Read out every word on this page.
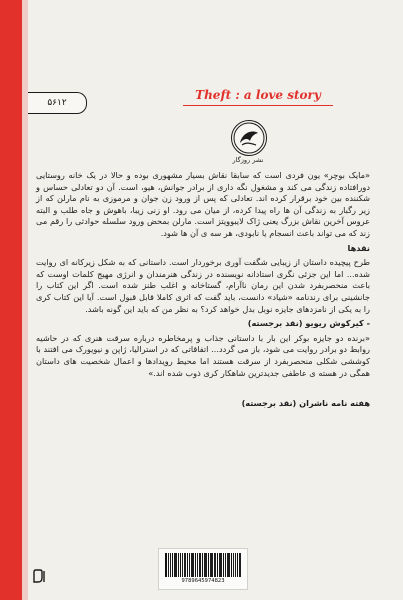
۵۶۱۲
Theft : a love story
نشر روزگار

«مایک‌ بوچر» یون فردی است که سابقا نقاش بسیار مشهوری بوده و حالا در یک خانه روستایی دورافتاده زندگی می کند و مشغول نگه داری از برادر جوانش، هیو، است. آن دو تعادلی حساس و شکننده بین خود برقرار کرده اند. تعادلی که پس از ورود زن جوان و مرموزی به نام مارلن که از زیر رگبار به زندگی آن ها راه پیدا کرده، از میان می رود. او زنی زیبا، باهوش و جاه طلب و البته عروس آخرین نقاش بزرگ یعنی ژاک لایبوویتز است. مارلن بمحض ورود سلسله حوادثی را رقم می زند که می تواند باعث انسجام یا نابودی، هر سه ی آن ها شود.

نقدها

طرح پیچیده داستان از زیبایی شگفت آوری برخوردار است. داستانی که به شکل زیرکانه ای روایت شده... اما این جزئی نگری استادانه نویسنده در زندگی هنرمندان و انرژی مهیج کلمات اوست که باعث منحصربفرد شدن این رمان ناآرام، گستاخانه و اغلب طنز شده است. اگر این کتاب را جانشینی برای رندنامه «شیاد» دانست، باید گفت که اثری کاملا قابل قبول است. آیا این کتاب کری را به یکی از نامزدهای جایزه نوبل بدل خواهد کرد؟ به نظر من که باید این گونه باشد.

- کیرکوش ریویو (نقد برجسته)

«برنده دو جایزه بوکر این بار با داستانی جذاب و پرمخاطره درباره سرقت هنری که در حاشیه روابط دو برادر روایت می شود، باز می گردد... اتفاقاتی که در استرالیا، ژاپن و نیویورک می افتند با کوششی شکلی منحصربفرد از سرقت هستند اما محیط رویدادها و اعمال شخصیت های داستان همگی در هسته ی عاطفی جدیدترین شاهکار کری ذوب شده اند.»

هفته نامه ناشران (نقد برجسته)

9789645974823
